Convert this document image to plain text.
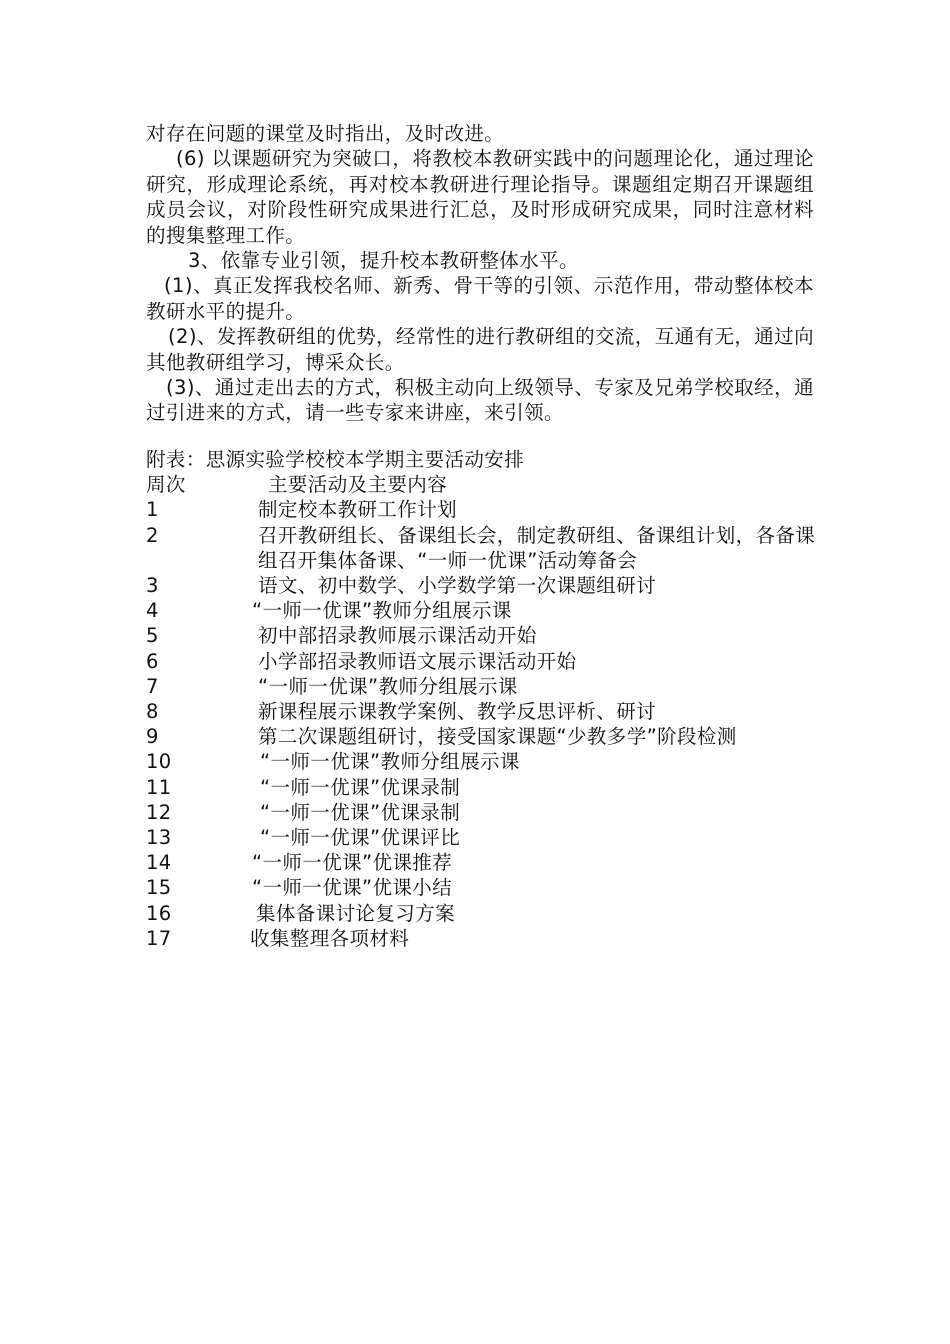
对存在问题的课堂及时指出，及时改进。

(6) 以课题研究为突破口，将教校本教研实践中的问题理论化，通过理论研究，形成理论系统，再对校本教研进行理论指导。课题组定期召开课题组成员会议，对阶段性研究成果进行汇总，及时形成研究成果，同时注意材料的搜集整理工作。

3、依靠专业引领，提升校本教研整体水平。

(1)、真正发挥我校名师、新秀、骨干等的引领、示范作用，带动整体校本教研水平的提升。

(2)、发挥教研组的优势，经常性的进行教研组的交流，互通有无，通过向其他教研组学习，博采众长。

(3)、通过走出去的方式，积极主动向上级领导、专家及兄弟学校取经，通过引进来的方式，请一些专家来讲座，来引领。

附表：思源实验学校校本学期主要活动安排

周次	主要活动及主要内容
1	制定校本教研工作计划
2	召开教研组长、备课组长会，制定教研组、备课组计划，各备课组召开集体备课、“一师一优课”活动筹备会
3	语文、初中数学、小学数学第一次课题组研讨
4	“一师一优课”教师分组展示课
5	初中部招录教师展示课活动开始
6	小学部招录教师语文展示课活动开始
7	“一师一优课”教师分组展示课
8	新课程展示课教学案例、教学反思评析、研讨
9	第二次课题组研讨，接受国家课题“少教多学”阶段检测
10	“一师一优课”教师分组展示课
11	“一师一优课”优课录制
12	“一师一优课”优课录制
13	“一师一优课”优课评比
14	“一师一优课”优课推荐
15	“一师一优课”优课小结
16	集体备课讨论复习方案
17	收集整理各项材料
